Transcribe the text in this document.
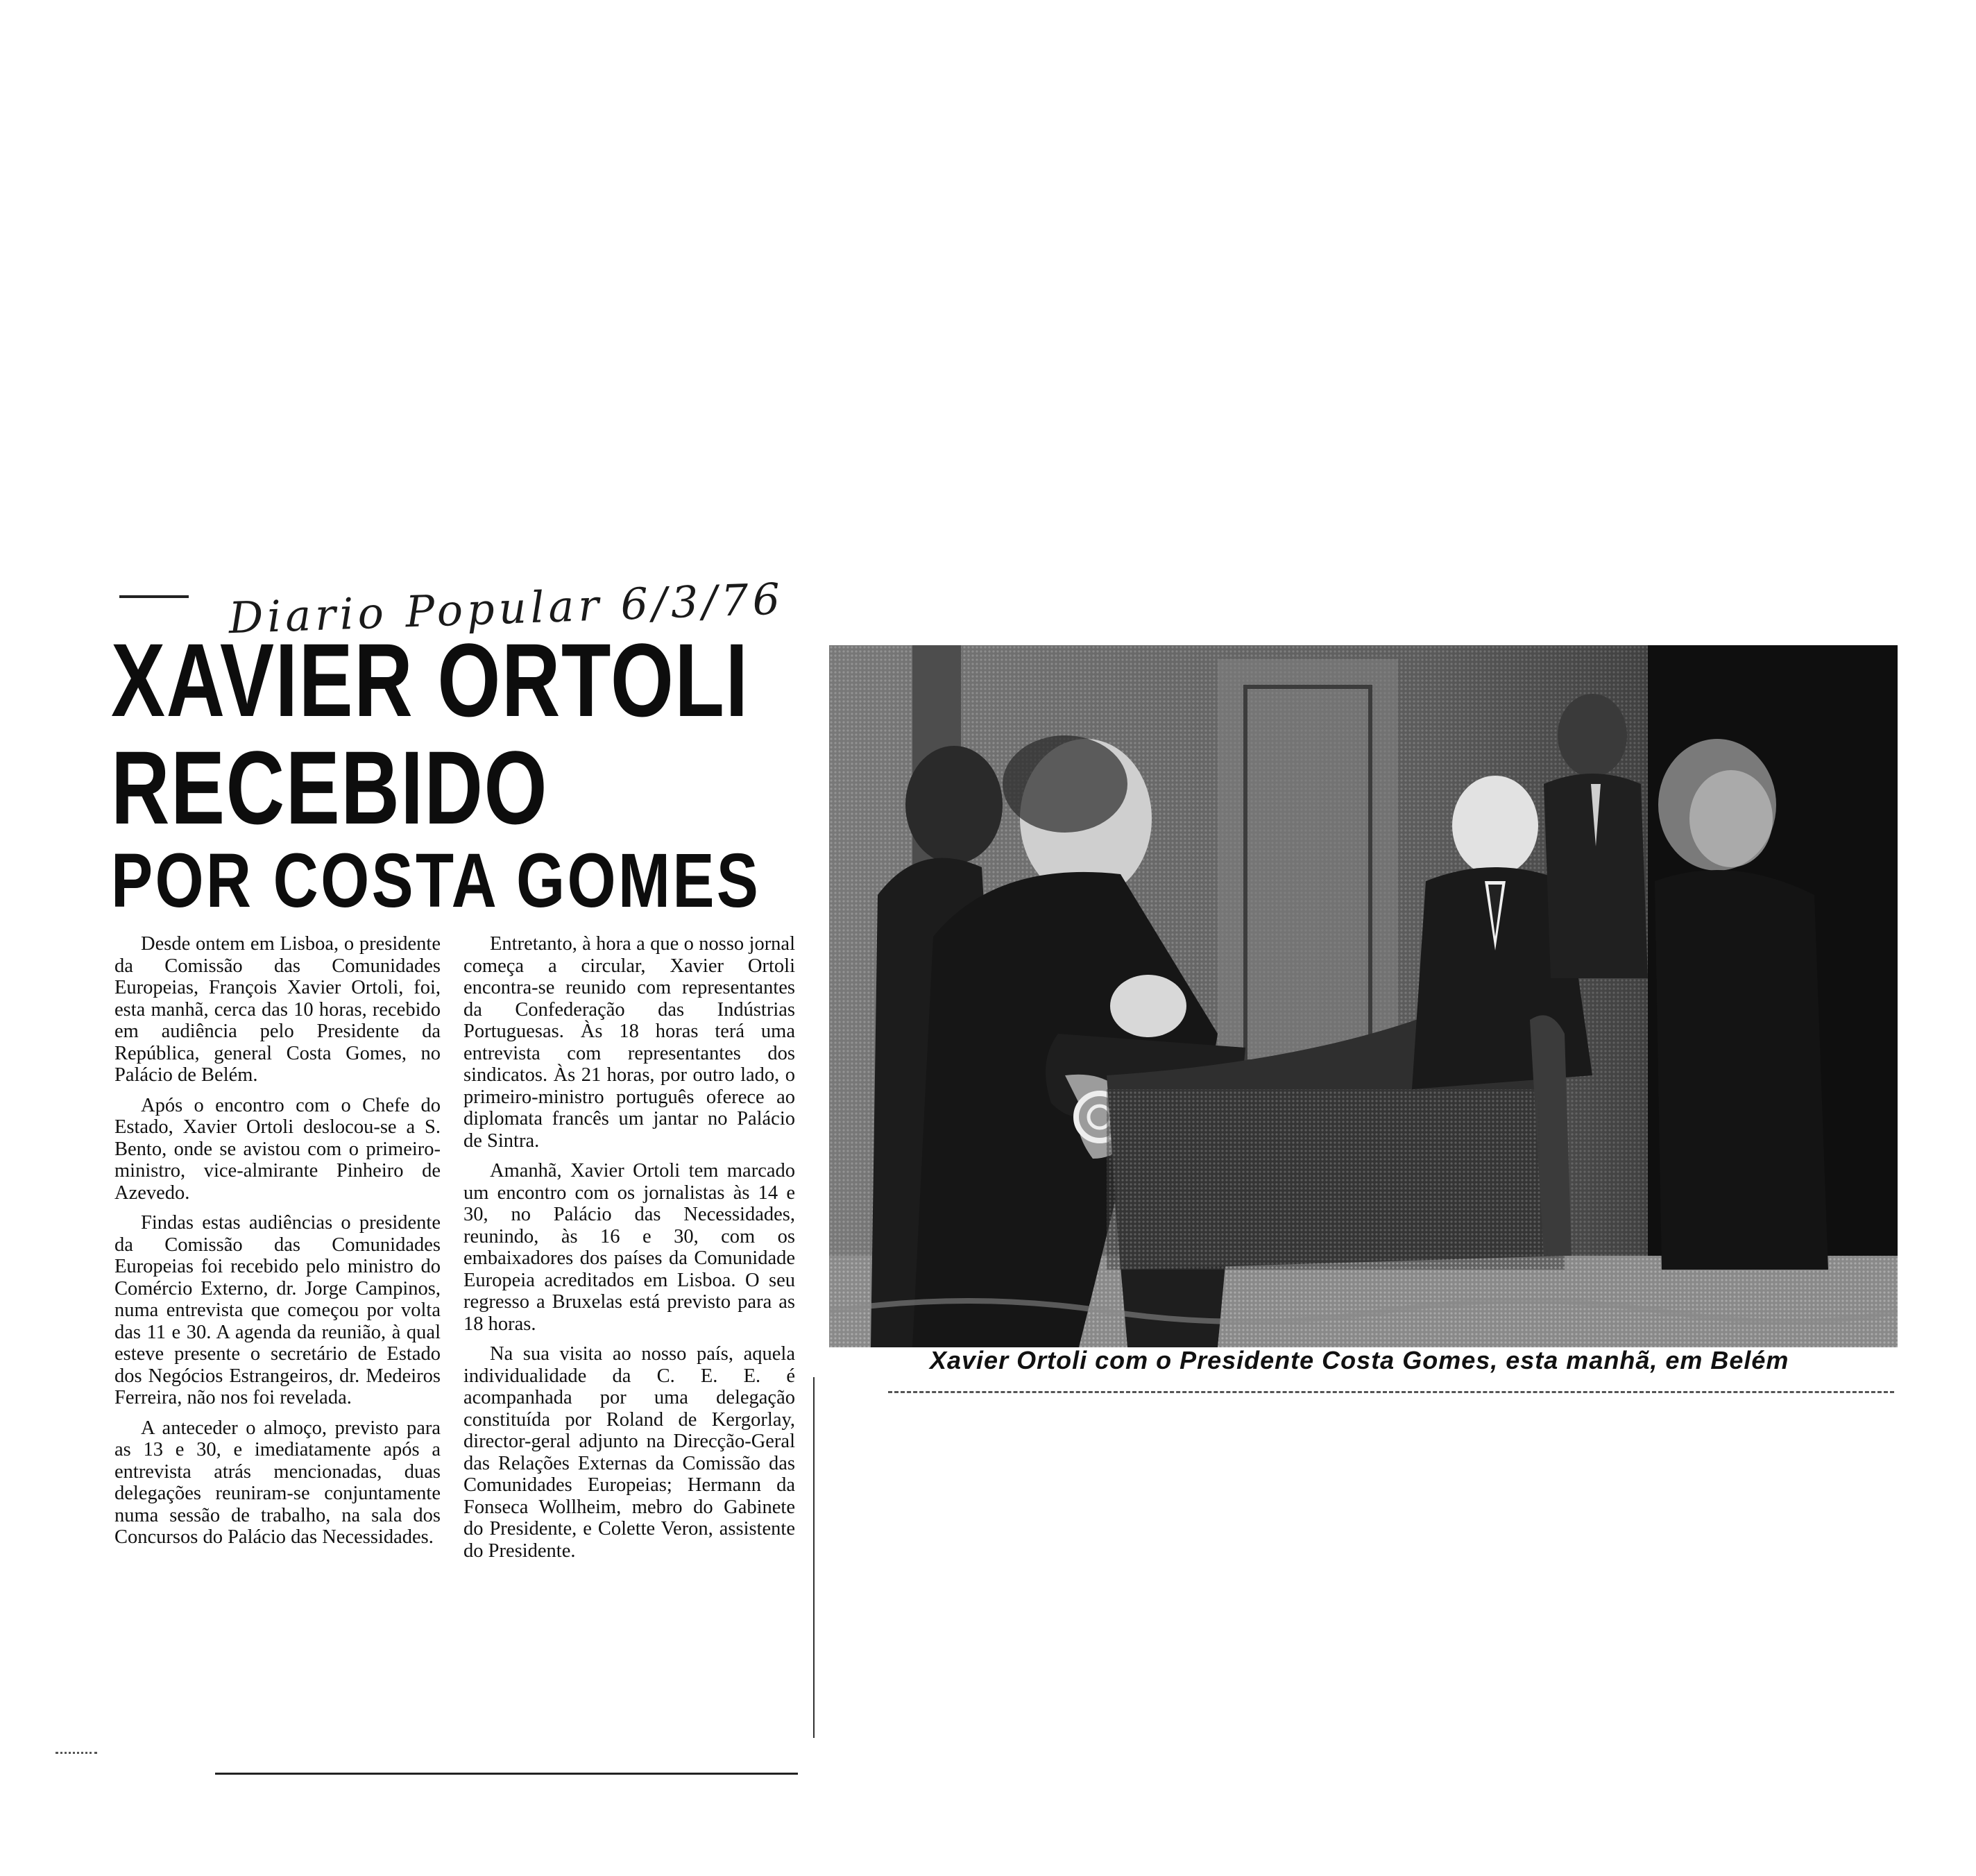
Diario Popular 6/3/76
XAVIER ORTOLI
RECEBIDO
POR COSTA GOMES

Desde ontem em Lisboa, o presidente da Comissão das Comunidades Europeias, François Xavier Ortoli, foi, esta manhã, cerca das 10 horas, recebido em audiência pelo Presidente da República, general Costa Gomes, no Palácio de Belém.

Após o encontro com o Chefe do Estado, Xavier Ortoli deslocou-se a S. Bento, onde se avistou com o primeiro-ministro, vice-almirante Pinheiro de Azevedo.

Findas estas audiências o presidente da Comissão das Comunidades Europeias foi recebido pelo ministro do Comércio Externo, dr. Jorge Campinos, numa entrevista que começou por volta das 11 e 30. A agenda da reunião, à qual esteve presente o secretário de Estado dos Negócios Estrangeiros, dr. Medeiros Ferreira, não nos foi revelada.

A anteceder o almoço, previsto para as 13 e 30, e imediatamente após a entrevista atrás mencionadas, duas delegações reuniram-se conjuntamente numa sessão de trabalho, na sala dos Concursos do Palácio das Necessidades.

Entretanto, à hora a que o nosso jornal começa a circular, Xavier Ortoli encontra-se reunido com representantes da Confederação das Indústrias Portuguesas. Às 18 horas terá uma entrevista com representantes dos sindicatos. Às 21 horas, por outro lado, o primeiro-ministro português oferece ao diplomata francês um jantar no Palácio de Sintra.

Amanhã, Xavier Ortoli tem marcado um encontro com os jornalistas às 14 e 30, no Palácio das Necessidades, reunindo, às 16 e 30, com os embaixadores dos países da Comunidade Europeia acreditados em Lisboa. O seu regresso a Bruxelas está previsto para as 18 horas.

Na sua visita ao nosso país, aquela individualidade da C. E. E. é acompanhada por uma delegação constituída por Roland de Kergorlay, director-geral adjunto na Direcção-Geral das Relações Externas da Comissão das Comunidades Europeias; Hermann da Fonseca Wollheim, mebro do Gabinete do Presidente, e Colette Veron, assistente do Presidente.

Xavier Ortoli com o Presidente Costa Gomes, esta manhã, em Belém
